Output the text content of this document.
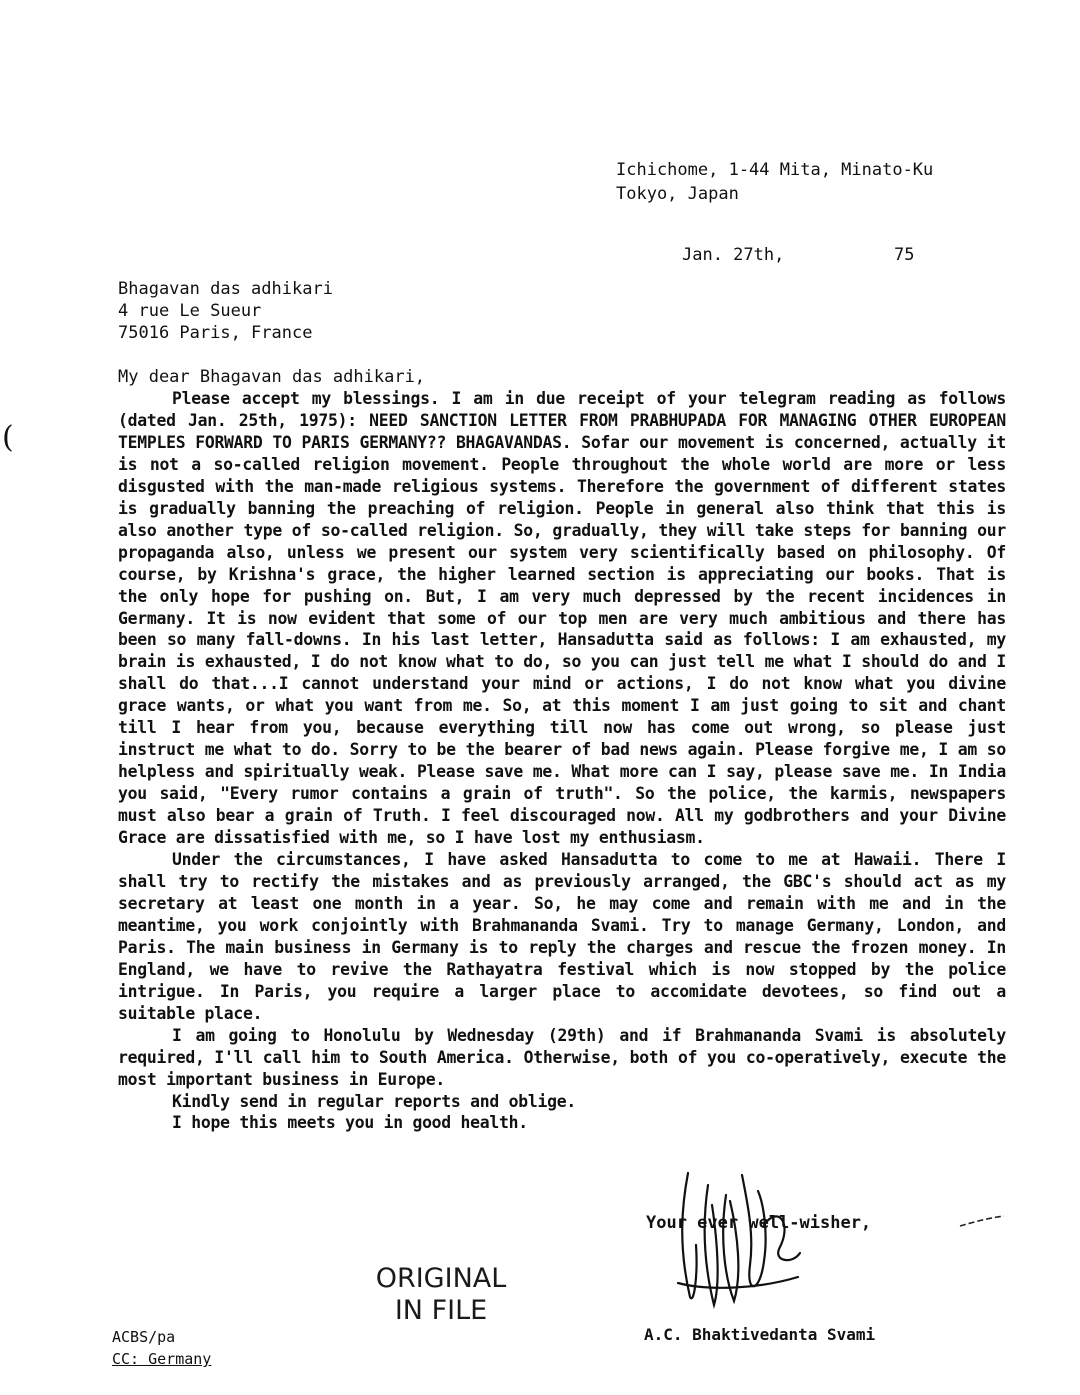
(
Ichichome, 1-44 Mita, Minato-Ku
Tokyo, Japan
Jan. 27th,	75
Bhagavan das adhikari
4 rue Le Sueur
75016 Paris, France
My dear Bhagavan das adhikari,

Please accept my blessings. I am in due receipt of your telegram reading as follows (dated Jan. 25th, 1975): NEED SANCTION LETTER FROM PRABHUPADA FOR MANAGING OTHER EUROPEAN TEMPLES FORWARD TO PARIS GERMANY?? BHAGAVANDAS. Sofar our movement is concerned, actually it is not a so-called religion movement. People throughout the whole world are more or less disgusted with the man-made religious systems. Therefore the government of different states is gradually banning the preaching of religion. People in general also think that this is also another type of so-called religion. So, gradually, they will take steps for banning our propaganda also, unless we present our system very scientifically based on philosophy. Of course, by Krishna's grace, the higher learned section is appreciating our books. That is the only hope for pushing on. But, I am very much depressed by the recent incidences in Germany. It is now evident that some of our top men are very much ambitious and there has been so many fall-downs. In his last letter, Hansadutta said as follows: I am exhausted, my brain is exhausted, I do not know what to do, so you can just tell me what I should do and I shall do that...I cannot understand your mind or actions, I do not know what you divine grace wants, or what you want from me. So, at this moment I am just going to sit and chant till I hear from you, because everything till now has come out wrong, so please just instruct me what to do. Sorry to be the bearer of bad news again. Please forgive me, I am so helpless and spiritually weak. Please save me. What more can I say, please save me. In India you said, "Every rumor contains a grain of truth". So the police, the karmis, newspapers must also bear a grain of Truth. I feel discouraged now. All my godbrothers and your Divine Grace are dissatisfied with me, so I have lost my enthusiasm.

Under the circumstances, I have asked Hansadutta to come to me at Hawaii. There I shall try to rectify the mistakes and as previously arranged, the GBC's should act as my secretary at least one month in a year. So, he may come and remain with me and in the meantime, you work conjointly with Brahmananda Svami. Try to manage Germany, London, and Paris. The main business in Germany is to reply the charges and rescue the frozen money. In England, we have to revive the Rathayatra festival which is now stopped by the police intrigue. In Paris, you require a larger place to accomidate devotees, so find out a suitable place.

I am going to Honolulu by Wednesday (29th) and if Brahmananda Svami is absolutely required, I'll call him to South America. Otherwise, both of you co-operatively, execute the most important business in Europe.

Kindly send in regular reports and oblige.

I hope this meets you in good health.

Your ever well-wisher,
A.C. Bhaktivedanta Svami
ORIGINAL
IN FILE
ACBS/pa
CC: Germany
